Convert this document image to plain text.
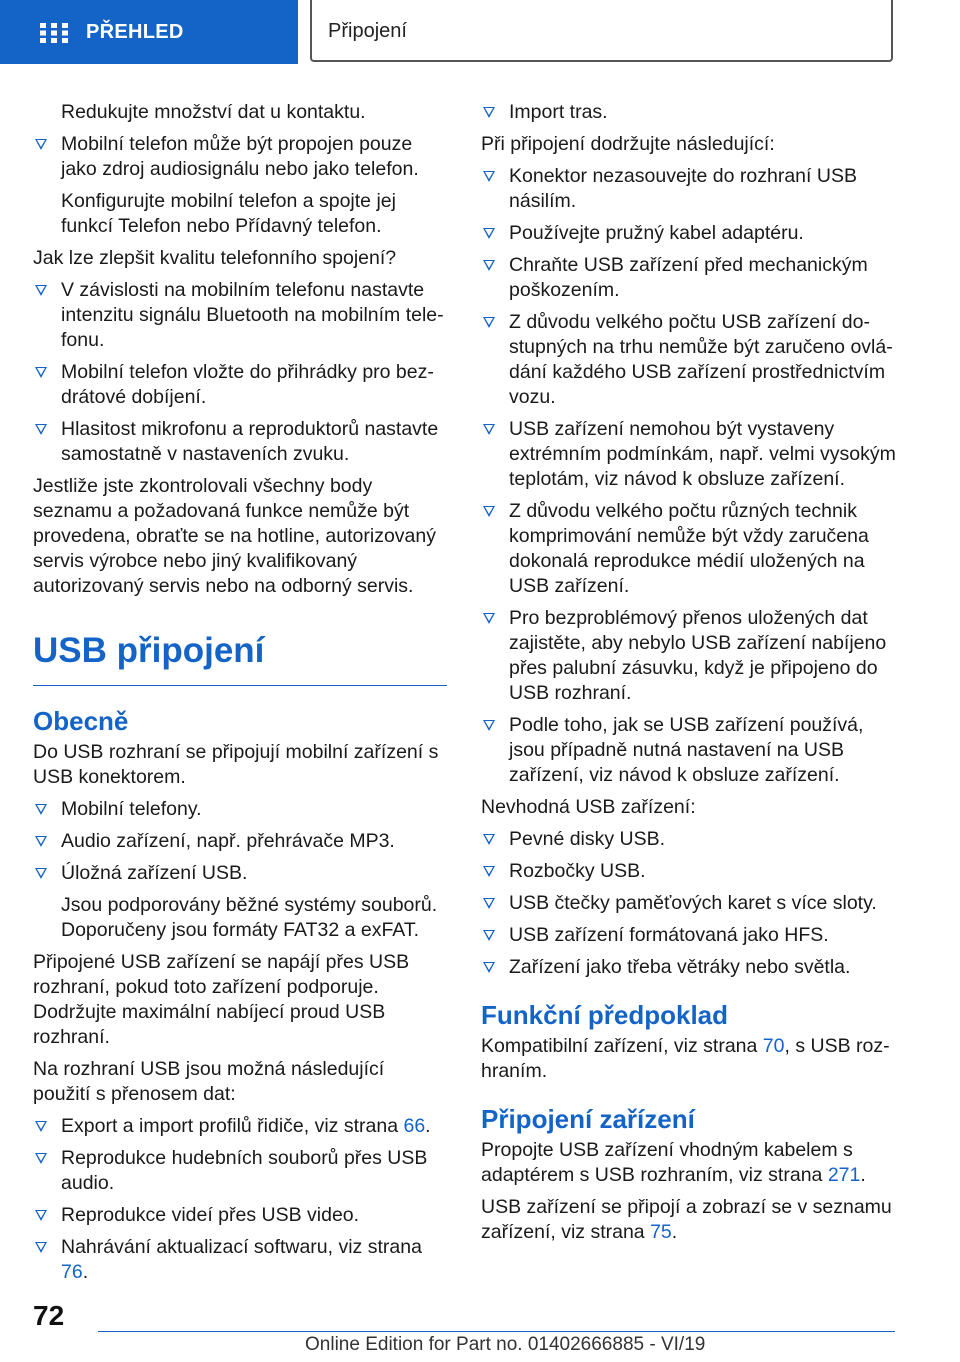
PŘEHLED	Připojení

Redukujte množství dat u kontaktu.

Mobilní telefon může být propojen pouze jako zdroj audiosignálu nebo jako telefon.

Konfigurujte mobilní telefon a spojte jej funkcí Telefon nebo Přídavný telefon.

Jak lze zlepšit kvalitu telefonního spojení?

V závislosti na mobilním telefonu nastavte intenzitu signálu Bluetooth na mobilním telefonu.
Mobilní telefon vložte do přihrádky pro bezdrátové dobíjení.
Hlasitost mikrofonu a reproduktorů nastavte samostatně v nastaveních zvuku.

Jestliže jste zkontrolovali všechny body seznamu a požadovaná funkce nemůže být provedena, obraťte se na hotline, autorizovaný servis výrobce nebo jiný kvalifikovaný autorizovaný servis nebo na odborný servis.

USB připojení
Obecně

Do USB rozhraní se připojují mobilní zařízení s USB konektorem.

Mobilní telefony.
Audio zařízení, např. přehrávače MP3.
Úložná zařízení USB.

Jsou podporovány běžné systémy souborů. Doporučeny jsou formáty FAT32 a exFAT.

Připojené USB zařízení se napájí přes USB rozhraní, pokud toto zařízení podporuje. Dodržujte maximální nabíjecí proud USB rozhraní.

Na rozhraní USB jsou možná následující použití s přenosem dat:

Export a import profilů řidiče, viz strana 66.
Reprodukce hudebních souborů přes USB audio.
Reprodukce videí přes USB video.
Nahrávání aktualizací softwaru, viz strana 76.
Import tras.

Při připojení dodržujte následující:

Konektor nezasouvejte do rozhraní USB násilím.
Používejte pružný kabel adaptéru.
Chraňte USB zařízení před mechanickým poškozením.
Z důvodu velkého počtu USB zařízení dostupných na trhu nemůže být zaručeno ovládání každého USB zařízení prostřednictvím vozu.
USB zařízení nemohou být vystaveny extrémním podmínkám, např. velmi vysokým teplotám, viz návod k obsluze zařízení.
Z důvodu velkého počtu různých technik komprimování nemůže být vždy zaručena dokonalá reprodukce médií uložených na USB zařízení.
Pro bezproblémový přenos uložených dat zajistěte, aby nebylo USB zařízení nabíjeno přes palubní zásuvku, když je připojeno do USB rozhraní.
Podle toho, jak se USB zařízení používá, jsou případně nutná nastavení na USB zařízení, viz návod k obsluze zařízení.

Nevhodná USB zařízení:

Pevné disky USB.
Rozbočky USB.
USB čtečky paměťových karet s více sloty.
USB zařízení formátovaná jako HFS.
Zařízení jako třeba větráky nebo světla.
Funkční předpoklad

Kompatibilní zařízení, viz strana 70, s USB rozhraním.

Připojení zařízení

Propojte USB zařízení vhodným kabelem s adaptérem s USB rozhraním, viz strana 271.

USB zařízení se připojí a zobrazí se v seznamu zařízení, viz strana 75.

72
Online Edition for Part no. 01402666885 - VI/19
